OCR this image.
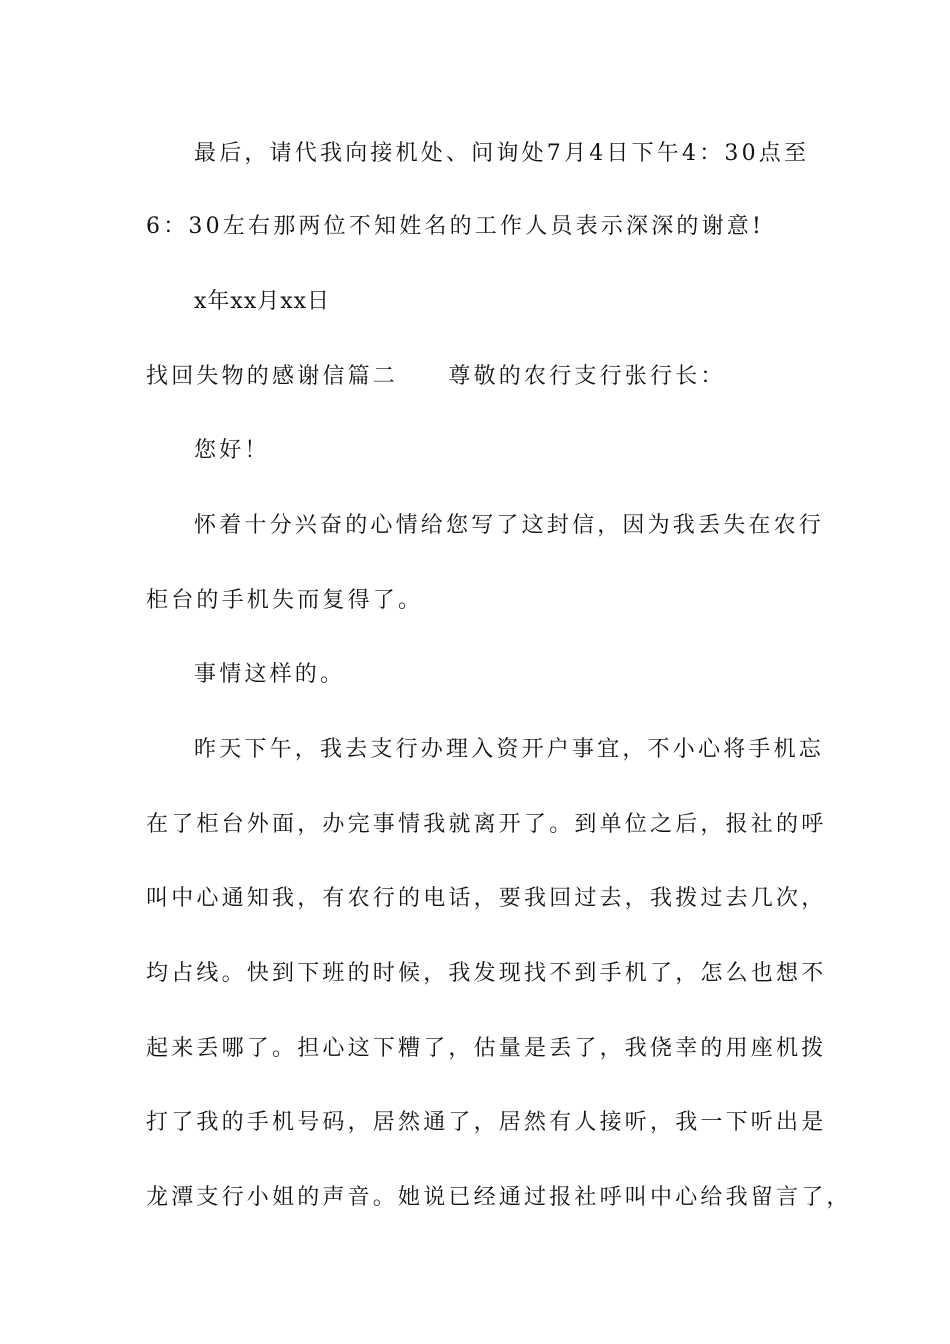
最后，请代我向接机处、问询处7月4日下午4：30点至
6：30左右那两位不知姓名的工作人员表示深深的谢意!
x年xx月xx日
找回失物的感谢信篇二　　尊敬的农行支行张行长：
您好！
怀着十分兴奋的心情给您写了这封信，因为我丢失在农行
柜台的手机失而复得了。
事情这样的。
昨天下午，我去支行办理入资开户事宜，不小心将手机忘
在了柜台外面，办完事情我就离开了。到单位之后，报社的呼
叫中心通知我，有农行的电话，要我回过去，我拨过去几次，
均占线。快到下班的时候，我发现找不到手机了，怎么也想不
起来丢哪了。担心这下糟了，估量是丢了，我侥幸的用座机拨
打了我的手机号码，居然通了，居然有人接听，我一下听出是
龙潭支行小姐的声音。她说已经通过报社呼叫中心给我留言了，
